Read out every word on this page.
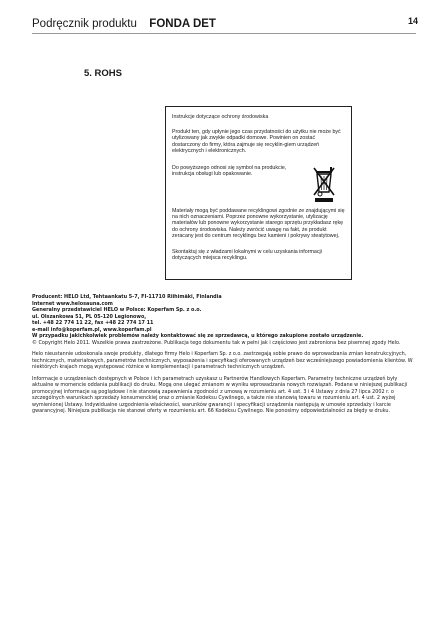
Podręcznik produktu FONDA DET	14
5. ROHS

Instrukcje dotyczące ochrony środowiska

Produkt ten, gdy upłynie jego czas przydatności do użytku nie może być utylizowany jak zwykłe odpadki domowe. Powinien on zostać dostarczony do firmy, która zajmuje się recyklin-giem urządzeń elektrycznych i elektronicznych.

Do powyższego odnosi się symbol na produkcie, instrukcja obsługi lub opakowanie.

Materiały mogą być poddawane recyklingowi zgodnie ze znajdującymi się na nich oznaczeniami. Poprzez ponowne wykorzystanie, utylizację materiałów lub ponowne wykorzystanie starego sprzętu przykładasz rękę do ochrony środowiska. Należy zwrócić uwagę na fakt, że produkt zeracany jest do centrum recyklingu bez kamieni i pokrywy steatytowej.

Skontaktuj się z władzami lokalnymi w celu uzyskania informacji dotyczących miejsca recyklingu.

Producent: HELO Ltd, Tehtaankatu 5-7, FI-11710 Riihimäki, Finlandia
Internet www.helosauna.com
Generalny przedstawiciel HELO w Polsce: Koperfam Sp. z o.o.
ul. Olszankowa 51, PL 05-120 Legionowo,
tel. +48 22 774 11 22, fax +48 22 774 17 11
e-mail info@koperfam.pl, www.koperfam.pl
W przypadku jakichkolwiek problemów należy kontaktować się ze sprzedawcą, u którego zakupione zostało urządzenie.
© Copyright Helo 2011. Wszelkie prawa zastrzeżone. Publikacja tego dokumentu tak w pełni jak i częściowo jest zabroniona bez pisemnej zgody Helo.
Helo nieustannie udoskonala swoje produkty, dlatego firmy Helo i Koperfam Sp. z o.o. zastrzegają sobie prawo do wprowadzania zmian konstrukcyjnych, technicznych, materiałowych, parametrów technicznych, wyposażenia i specyfikacji oferowanych urządzeń bez wcześniejszego powiadomienia klientów. W niektórych krajach mogą występować różnice w komplementacji i parametrach technicznych urządzeń.
Informacje o urządzeniach dostępnych w Polsce i ich parametrach uzyskasz u Partnerów Handlowych Koperfam. Parametry techniczne urządzeń były aktualne w momencie oddania publikacji do druku. Mogą one ulegać zmianom w wyniku wprowadzania nowych rozwiązań. Podane w niniejszej publikacji promocyjnej informacje są poglądowe i nie stanowią zapewnienia zgodności z umową w rozumieniu art. 4 ust. 3 i 4 Ustawy z dnia 27 lipca 2002 r. o szczególnych warunkach sprzedaży konsumenckiej oraz o zmianie Kodeksu Cywilnego, a także nie stanowią towaru w rozumieniu art. 4 ust. 2 wyżej wymienionej Ustawy. Indywidualne uzgodnienia właściwości, warunków gwarancji i specyfikacji urządzenia następują w umowie sprzedaży i karcie gwarancyjnej. Niniejsza publikacja nie stanowi oferty w rozumieniu art. 66 Kodeksu Cywilnego. Nie ponosimy odpowiedzialności za błędy w druku.
